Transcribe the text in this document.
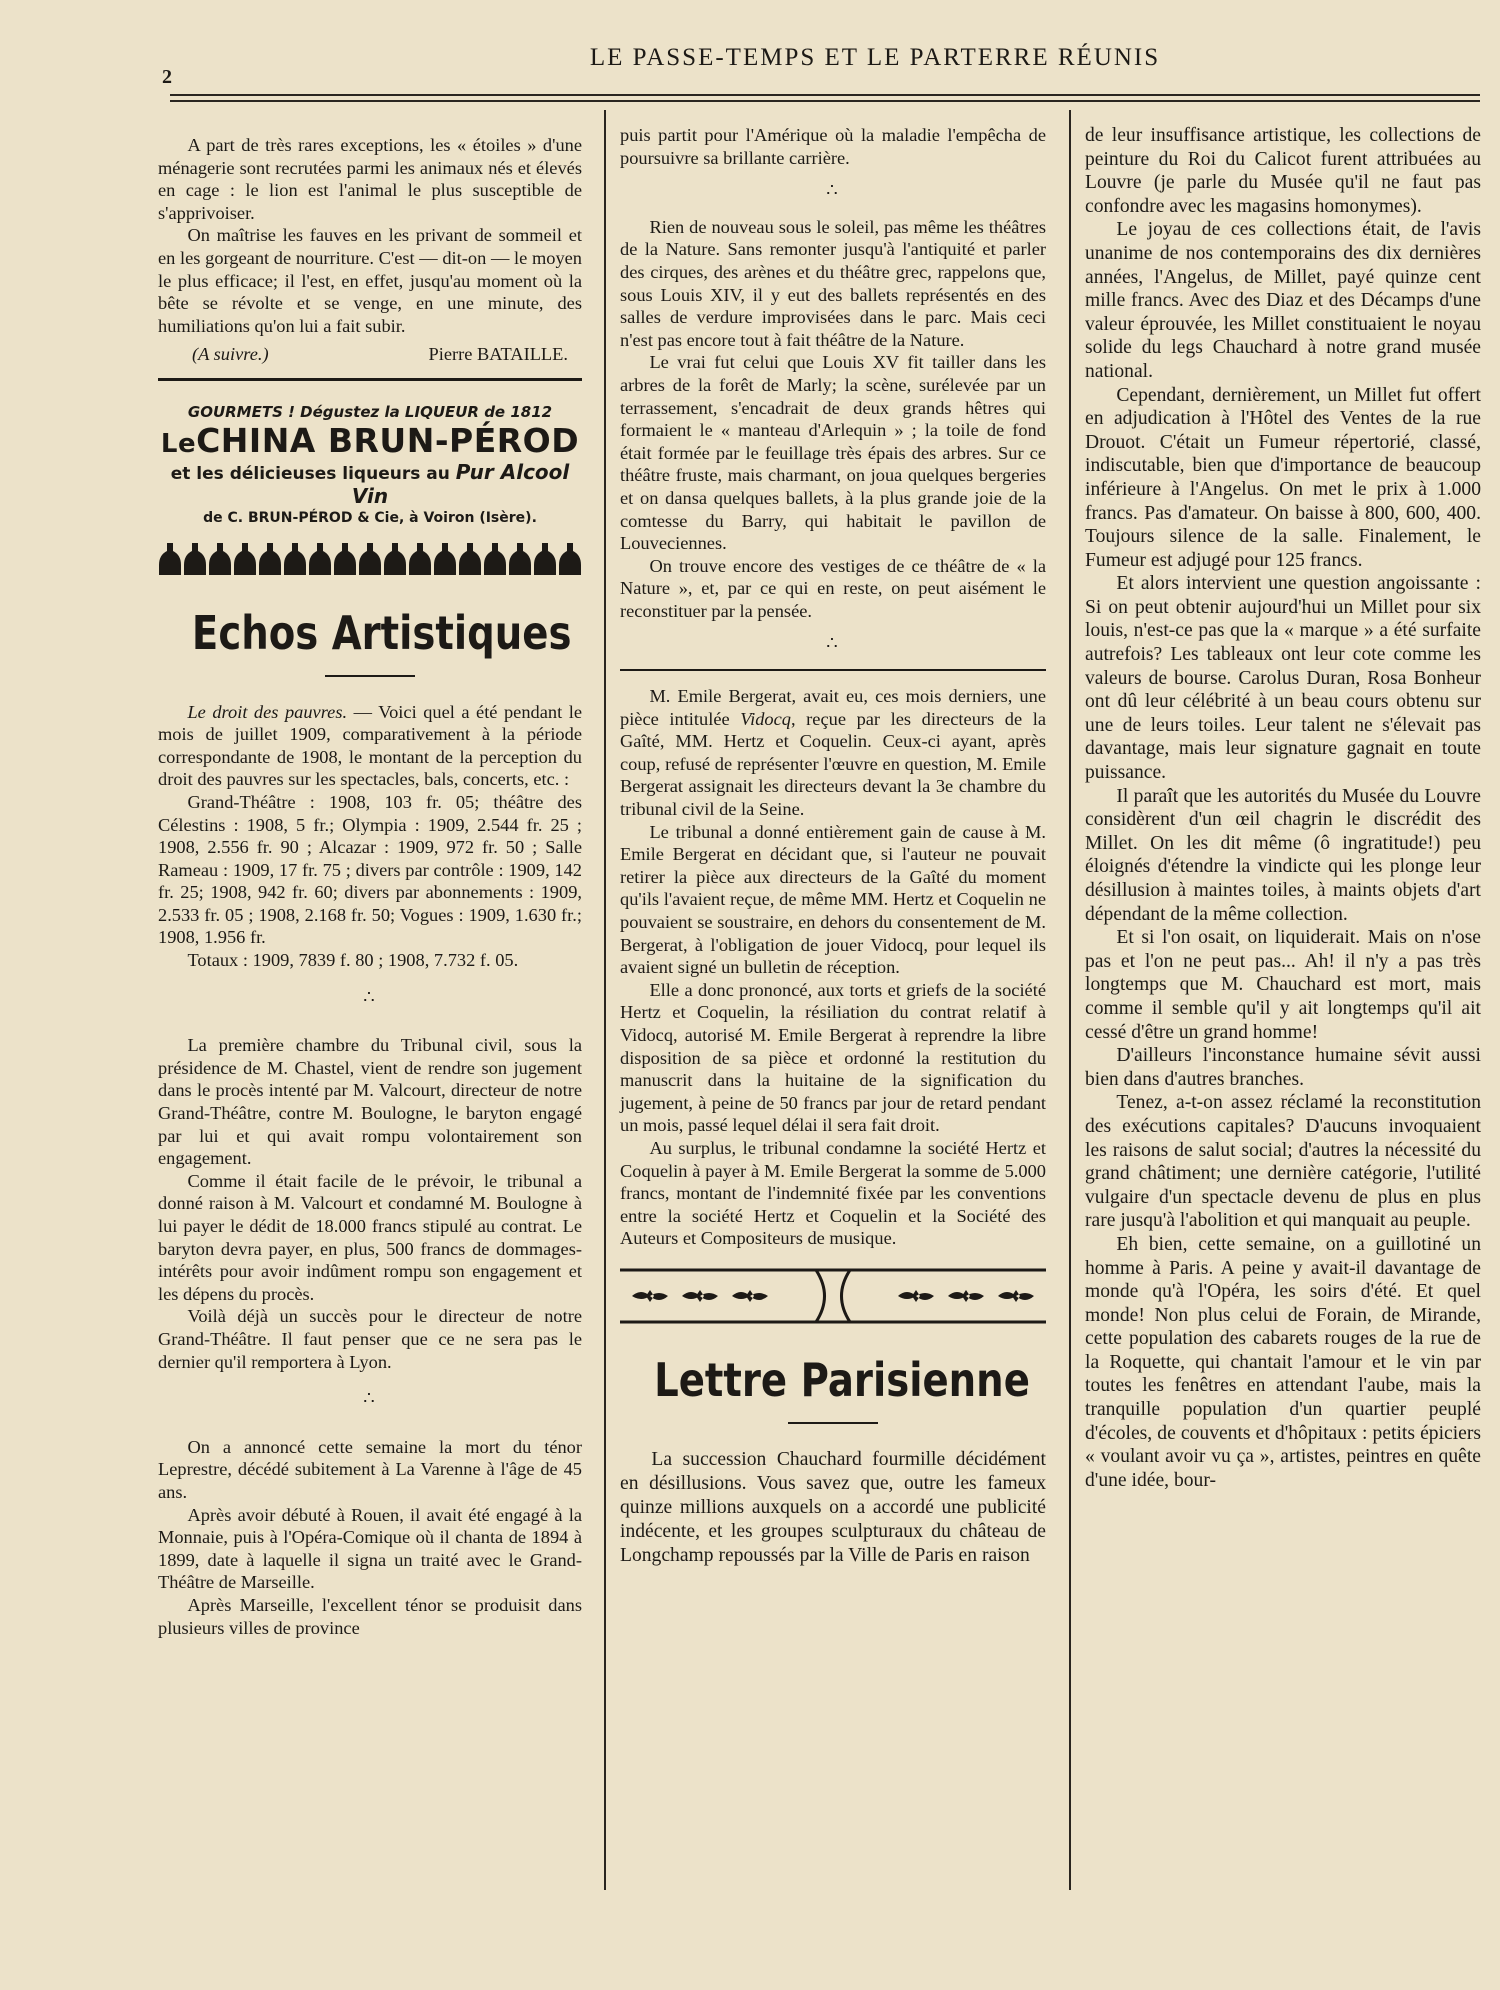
2
LE PASSE-TEMPS ET LE PARTERRE RÉUNIS

A part de très rares exceptions, les « étoiles » d'une ménagerie sont recrutées parmi les animaux nés et élevés en cage : le lion est l'animal le plus susceptible de s'apprivoiser.

On maîtrise les fauves en les privant de sommeil et en les gorgeant de nourriture. C'est — dit-on — le moyen le plus efficace; il l'est, en effet, jusqu'au moment où la bête se révolte et se venge, en une minute, des humiliations qu'on lui a fait subir.

(A suivre.)	Pierre BATAILLE.
GOURMETS ! Dégustez la LIQUEUR de 1812
LeCHINA BRUN-PÉROD
et les délicieuses liqueurs au Pur Alcool Vin
de C. BRUN-PÉROD & Cie, à Voiron (Isère).
Echos Artistiques

Le droit des pauvres. — Voici quel a été pendant le mois de juillet 1909, comparativement à la période correspondante de 1908, le montant de la perception du droit des pauvres sur les spectacles, bals, concerts, etc. :

Grand-Théâtre : 1908, 103 fr. 05; théâtre des Célestins : 1908, 5 fr.; Olympia : 1909, 2.544 fr. 25 ; 1908, 2.556 fr. 90 ; Alcazar : 1909, 972 fr. 50 ; Salle Rameau : 1909, 17 fr. 75 ; divers par contrôle : 1909, 142 fr. 25; 1908, 942 fr. 60; divers par abonnements : 1909, 2.533 fr. 05 ; 1908, 2.168 fr. 50; Vogues : 1909, 1.630 fr.; 1908, 1.956 fr.

Totaux : 1909, 7839 f. 80 ; 1908, 7.732 f. 05.

∴

La première chambre du Tribunal civil, sous la présidence de M. Chastel, vient de rendre son jugement dans le procès intenté par M. Valcourt, directeur de notre Grand-Théâtre, contre M. Boulogne, le baryton engagé par lui et qui avait rompu volontairement son engagement.

Comme il était facile de le prévoir, le tribunal a donné raison à M. Valcourt et condamné M. Boulogne à lui payer le dédit de 18.000 francs stipulé au contrat. Le baryton devra payer, en plus, 500 francs de dommages-intérêts pour avoir indûment rompu son engagement et les dépens du procès.

Voilà déjà un succès pour le directeur de notre Grand-Théâtre. Il faut penser que ce ne sera pas le dernier qu'il remportera à Lyon.

∴

On a annoncé cette semaine la mort du ténor Leprestre, décédé subitement à La Varenne à l'âge de 45 ans.

Après avoir débuté à Rouen, il avait été engagé à la Monnaie, puis à l'Opéra-Comique où il chanta de 1894 à 1899, date à laquelle il signa un traité avec le Grand-Théâtre de Marseille.

Après Marseille, l'excellent ténor se produisit dans plusieurs villes de province

puis partit pour l'Amérique où la maladie l'empêcha de poursuivre sa brillante carrière.

∴

Rien de nouveau sous le soleil, pas même les théâtres de la Nature. Sans remonter jusqu'à l'antiquité et parler des cirques, des arènes et du théâtre grec, rappelons que, sous Louis XIV, il y eut des ballets représentés en des salles de verdure improvisées dans le parc. Mais ceci n'est pas encore tout à fait théâtre de la Nature.

Le vrai fut celui que Louis XV fit tailler dans les arbres de la forêt de Marly; la scène, surélevée par un terrassement, s'encadrait de deux grands hêtres qui formaient le « manteau d'Arlequin » ; la toile de fond était formée par le feuillage très épais des arbres. Sur ce théâtre fruste, mais charmant, on joua quelques bergeries et on dansa quelques ballets, à la plus grande joie de la comtesse du Barry, qui habitait le pavillon de Louveciennes.

On trouve encore des vestiges de ce théâtre de « la Nature », et, par ce qui en reste, on peut aisément le reconstituer par la pensée.

∴

M. Emile Bergerat, avait eu, ces mois derniers, une pièce intitulée Vidocq, reçue par les directeurs de la Gaîté, MM. Hertz et Coquelin. Ceux-ci ayant, après coup, refusé de représenter l'œuvre en question, M. Emile Bergerat assignait les directeurs devant la 3e chambre du tribunal civil de la Seine.

Le tribunal a donné entièrement gain de cause à M. Emile Bergerat en décidant que, si l'auteur ne pouvait retirer la pièce aux directeurs de la Gaîté du moment qu'ils l'avaient reçue, de même MM. Hertz et Coquelin ne pouvaient se soustraire, en dehors du consentement de M. Bergerat, à l'obligation de jouer Vidocq, pour lequel ils avaient signé un bulletin de réception.

Elle a donc prononcé, aux torts et griefs de la société Hertz et Coquelin, la résiliation du contrat relatif à Vidocq, autorisé M. Emile Bergerat à reprendre la libre disposition de sa pièce et ordonné la restitution du manuscrit dans la huitaine de la signification du jugement, à peine de 50 francs par jour de retard pendant un mois, passé lequel délai il sera fait droit.

Au surplus, le tribunal condamne la société Hertz et Coquelin à payer à M. Emile Bergerat la somme de 5.000 francs, montant de l'indemnité fixée par les conventions entre la société Hertz et Coquelin et la Société des Auteurs et Compositeurs de musique.

Lettre Parisienne

La succession Chauchard fourmille décidément en désillusions. Vous savez que, outre les fameux quinze millions auxquels on a accordé une publicité indécente, et les groupes sculpturaux du château de Longchamp repoussés par la Ville de Paris en raison

de leur insuffisance artistique, les collections de peinture du Roi du Calicot furent attribuées au Louvre (je parle du Musée qu'il ne faut pas confondre avec les magasins homonymes).

Le joyau de ces collections était, de l'avis unanime de nos contemporains des dix dernières années, l'Angelus, de Millet, payé quinze cent mille francs. Avec des Diaz et des Décamps d'une valeur éprouvée, les Millet constituaient le noyau solide du legs Chauchard à notre grand musée national.

Cependant, dernièrement, un Millet fut offert en adjudication à l'Hôtel des Ventes de la rue Drouot. C'était un Fumeur répertorié, classé, indiscutable, bien que d'importance de beaucoup inférieure à l'Angelus. On met le prix à 1.000 francs. Pas d'amateur. On baisse à 800, 600, 400. Toujours silence de la salle. Finalement, le Fumeur est adjugé pour 125 francs.

Et alors intervient une question angoissante : Si on peut obtenir aujourd'hui un Millet pour six louis, n'est-ce pas que la « marque » a été surfaite autrefois? Les tableaux ont leur cote comme les valeurs de bourse. Carolus Duran, Rosa Bonheur ont dû leur célébrité à un beau cours obtenu sur une de leurs toiles. Leur talent ne s'élevait pas davantage, mais leur signature gagnait en toute puissance.

Il paraît que les autorités du Musée du Louvre considèrent d'un œil chagrin le discrédit des Millet. On les dit même (ô ingratitude!) peu éloignés d'étendre la vindicte qui les plonge leur désillusion à maintes toiles, à maints objets d'art dépendant de la même collection.

Et si l'on osait, on liquiderait. Mais on n'ose pas et l'on ne peut pas... Ah! il n'y a pas très longtemps que M. Chauchard est mort, mais comme il semble qu'il y ait longtemps qu'il ait cessé d'être un grand homme!

D'ailleurs l'inconstance humaine sévit aussi bien dans d'autres branches.

Tenez, a-t-on assez réclamé la reconstitution des exécutions capitales? D'aucuns invoquaient les raisons de salut social; d'autres la nécessité du grand châtiment; une dernière catégorie, l'utilité vulgaire d'un spectacle devenu de plus en plus rare jusqu'à l'abolition et qui manquait au peuple.

Eh bien, cette semaine, on a guillotiné un homme à Paris. A peine y avait-il davantage de monde qu'à l'Opéra, les soirs d'été. Et quel monde! Non plus celui de Forain, de Mirande, cette population des cabarets rouges de la rue de la Roquette, qui chantait l'amour et le vin par toutes les fenêtres en attendant l'aube, mais la tranquille population d'un quartier peuplé d'écoles, de couvents et d'hôpitaux : petits épiciers « voulant avoir vu ça », artistes, peintres en quête d'une idée, bour-
